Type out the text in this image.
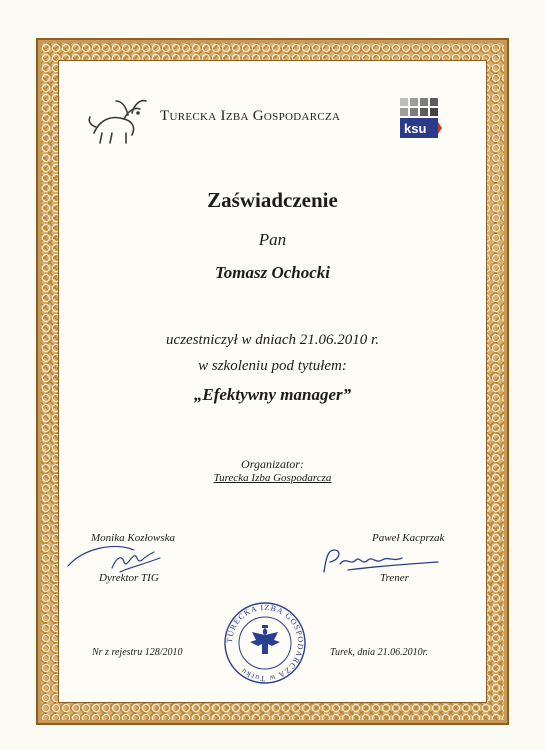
Turecka Izba Gospodarcza
ksu
Zaświadczenie
Pan
Tomasz Ochocki
uczestniczył w dniach 21.06.2010 r.
w szkoleniu pod tytułem:
„Efektywny manager”
Organizator:
Turecka Izba Gospodarcza
Monika Kozłowska
Dyrektor TIG
Paweł Kacprzak
Trener
TURECKA IZBA GOSPODARCZA w Turku
Nr z rejestru 128/2010	Turek, dnia 21.06.2010r.
